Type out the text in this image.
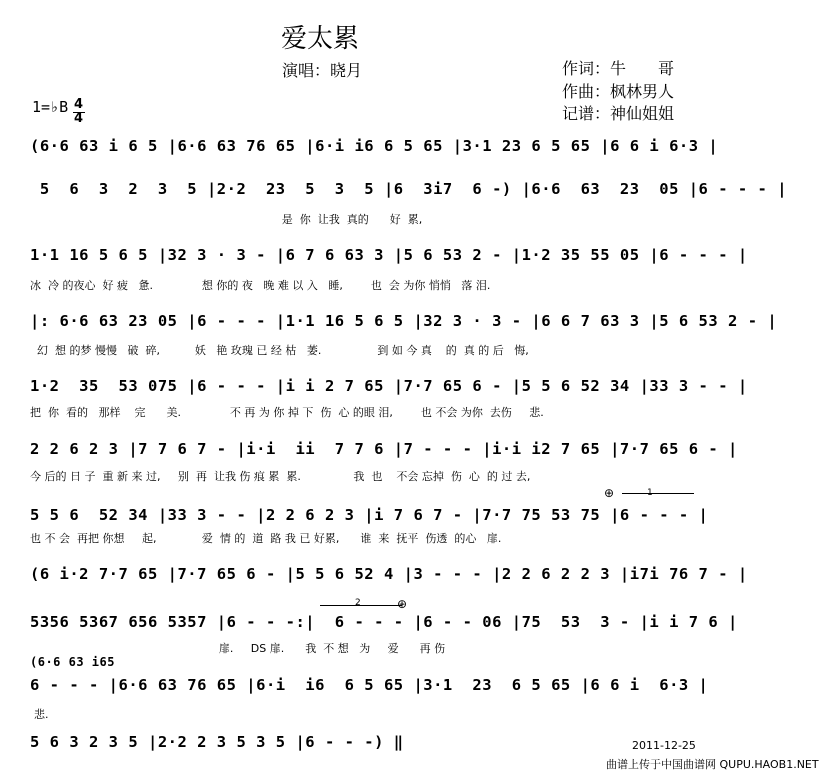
爱太累
演唱：晓月	作词：牛　　哥
作曲：枫林男人
记谱：神仙姐姐
1=♭B 4
4
(6·6 63 i 6 5 |6·6 63 76 65 |6·i i6 6 5 65 |3·1 23 6 5 65 |6 6 i 6·3 |
5  6  3  2  3  5 |2·2  23  5  3  5 |6  3i7  6 -) |6·6  63  23  05 |6 - - - |
是  你  让我  真的      好  累,
1·1 16 5 6 5 |32 3 · 3 - |6 7 6 63 3 |5 6 53 2 - |1·2 35 55 05 |6 - - - |
冰  冷 的夜心  好 疲   惫.              想 你的 夜   晚 难 以 入   睡,        也  会 为你 悄悄   落 泪.
|: 6·6 63 23 05 |6 - - - |1·1 16 5 6 5 |32 3 · 3 - |6 6 7 63 3 |5 6 53 2 - |
幻  想 的梦 慢慢   破  碎,          妖   艳 玫瑰 已 经 枯   萎.                到 如 今 真    的  真 的 后   悔,
1·2  35  53 075 |6 - - - |i i 2 7 65 |7·7 65 6 - |5 5 6 52 34 |33 3 - - |
把  你  看的   那样    完      美.              不 再 为 你 掉 下  伤  心 的眼 泪,        也 不会 为你  去伤     悲.
2 2 6 2 3 |7 7 6 7 - |i·i  ii  7 7 6 |7 - - - |i·i i2 7 65 |7·7 65 6 - |
今 后的 日 子  重 新 来 过,     别  再  让我 伤 痕 累  累.               我  也    不会 忘掉  伤  心  的 过 去,
⊕	1
5 5 6  52 34 |33 3 - - |2 2 6 2 3 |i 7 6 7 - |7·7 75 53 75 |6 - - - |
也 不 会  再把 你想     起,             爱  情 的  道  路 我 已 好累,      谁  来  抚平  伤透  的心   扉.
(6 i·2 7·7 65 |7·7 65 6 - |5 5 6 52 4 |3 - - - |2 2 6 2 2 3 |i7i 76 7 - |
2	⊕
5356 5367 656 5357 |6 - - -:|  6 - - - |6 - - 06 |75  53  3 - |i i 7 6 |
扉.     DS 扉.      我  不 想   为     爱      再 伤
(6·6 63 i65
6 - - - |6·6 63 76 65 |6·i  i6  6 5 65 |3·1  23  6 5 65 |6 6 i  6·3 |
悲.
5 6 3 2 3 5 |2·2 2 3 5 3 5 |6 - - -) ‖	2011-12-25
曲谱上传于中国曲谱网 QUPU.HAOB1.NET
